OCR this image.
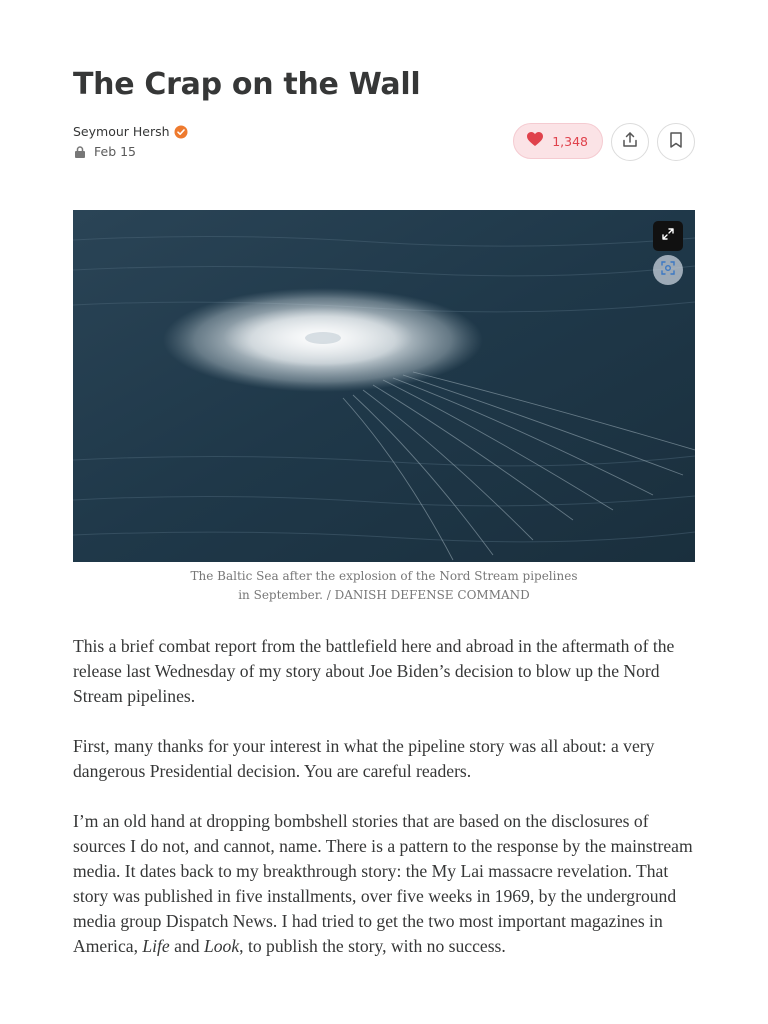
The Crap on the Wall
Seymour Hersh
Feb 15
1,348

The Baltic Sea after the explosion of the Nord Stream pipelines in September. / DANISH DEFENSE COMMAND

This a brief combat report from the battlefield here and abroad in the aftermath of the release last Wednesday of my story about Joe Biden’s decision to blow up the Nord Stream pipelines.

First, many thanks for your interest in what the pipeline story was all about: a very dangerous Presidential decision. You are careful readers.

I’m an old hand at dropping bombshell stories that are based on the disclosures of sources I do not, and cannot, name. There is a pattern to the response by the mainstream media. It dates back to my breakthrough story: the My Lai massacre revelation. That story was published in five installments, over five weeks in 1969, by the underground media group Dispatch News. I had tried to get the two most important magazines in America, Life and Look, to publish the story, with no success.
